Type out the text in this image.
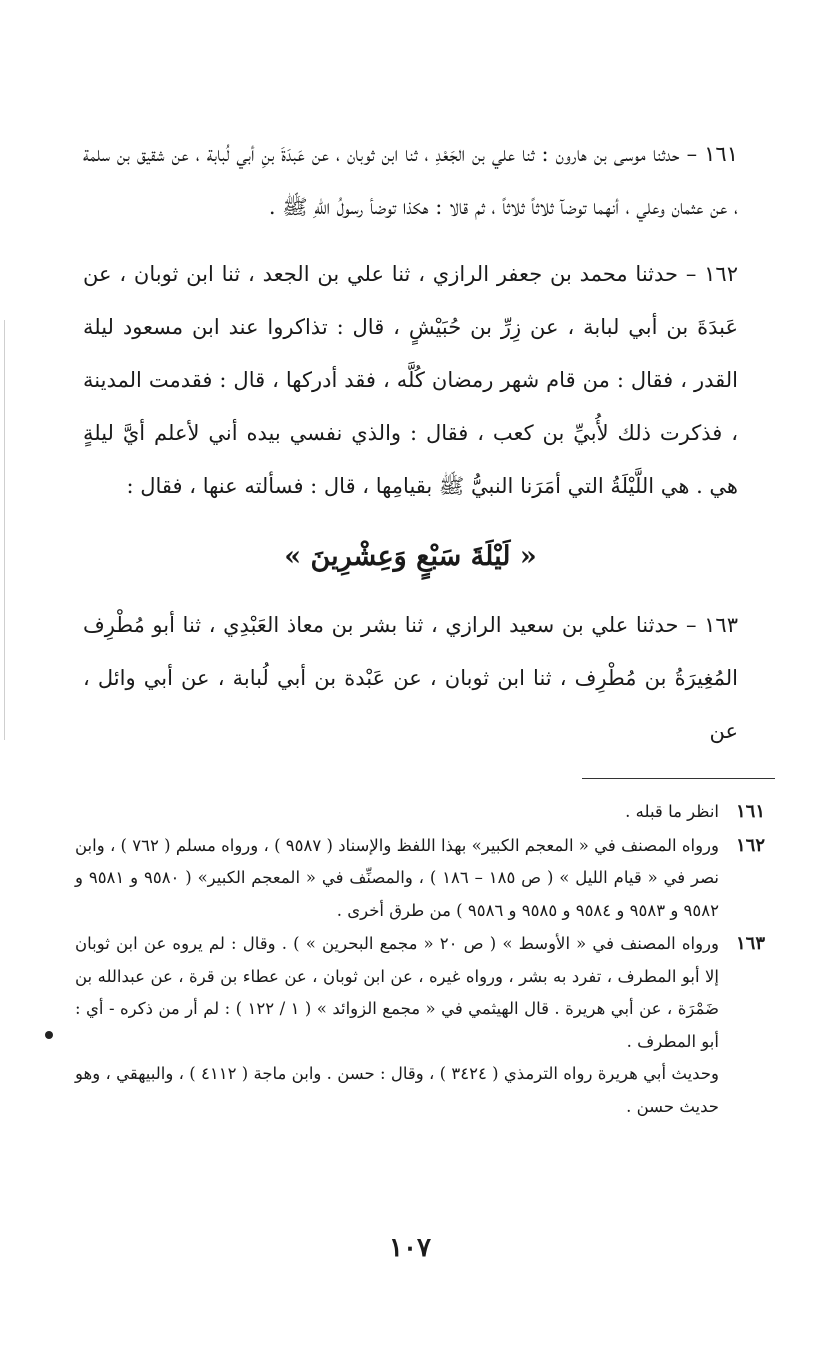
١٦١ – حدثنا موسى بن هارون : ثنا علي بن الجَعْدِ ، ثنا ابن ثوبان ، عن عَبدَةَ بنِ أبي لُبابة ، عن شقيق بن سلمة ، عن عثمان وعلي ، أنهما توضآ ثلاثاً ثلاثاً ، ثم قالا : هكذا توضأ رسولُ اللهِ ﷺ .

١٦٢ – حدثنا محمد بن جعفر الرازي ، ثنا علي بن الجعد ، ثنا ابن ثوبان ، عن عَبدَةَ بن أبي لبابة ، عن زِرِّ بن حُبَيْشٍ ، قال : تذاكروا عند ابن مسعود ليلة القدر ، فقال : من قام شهر رمضان كُلَّه ، فقد أدركها ، قال : فقدمت المدينة ، فذكرت ذلك لأُبيِّ بن كعب ، فقال : والذي نفسي بيده أني لأعلم أيَّ ليلةٍ هي . هي اللَّيْلَةُ التي أمَرَنا النبيُّ ﷺ بقيامِها ، قال : فسألته عنها ، فقال :

« لَيْلَةَ سَبْعٍ وَعِشْرِينَ »

١٦٣ – حدثنا علي بن سعيد الرازي ، ثنا بشر بن معاذ العَبْدِي ، ثنا أبو مُطْرِف المُغِيرَةُ بن مُطْرِف ، ثنا ابن ثوبان ، عن عَبْدة بن أبي لُبابة ، عن أبي وائل ، عن

١٦١

انظر ما قبله .

١٦٢

ورواه المصنف في « المعجم الكبير» بهذا اللفظ والإسناد ( ٩٥٨٧ ) ، ورواه مسلم ( ٧٦٢ ) ، وابن نصر في « قيام الليل » ( ص ١٨٥ – ١٨٦ ) ، والمصنِّف في « المعجم الكبير» ( ٩٥٨٠ و ٩٥٨١ و ٩٥٨٢ و ٩٥٨٣ و ٩٥٨٤ و ٩٥٨٥ و ٩٥٨٦ ) من طرق أخرى .

١٦٣

ورواه المصنف في « الأوسط » ( ص ٢٠ « مجمع البحرين » ) . وقال : لم يروه عن ابن ثوبان إلا أبو المطرف ، تفرد به بشر ، ورواه غيره ، عن ابن ثوبان ، عن عطاء بن قرة ، عن عبدالله بن ضَمْرَة ، عن أبي هريرة . قال الهيثمي في « مجمع الزوائد » ( ١ / ١٢٢ ) : لم أر من ذكره - أي : أبو المطرف .

وحديث أبي هريرة رواه الترمذي ( ٣٤٢٤ ) ، وقال : حسن . وابن ماجة ( ٤١١٢ ) ، والبيهقي ، وهو حديث حسن .

١٠٧
